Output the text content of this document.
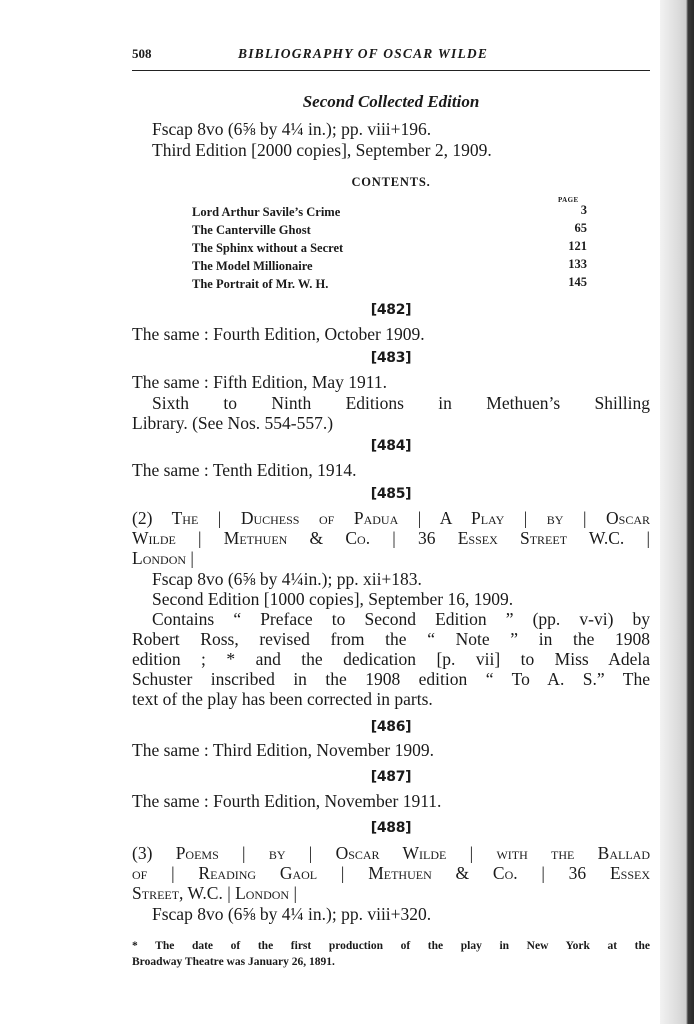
508	BIBLIOGRAPHY OF OSCAR WILDE
Second Collected Edition
Fscap 8vo (6⅝ by 4¼ in.); pp. viii+196.
Third Edition [2000 copies], September 2, 1909.
CONTENTS.
PAGE
Lord Arthur Savile’s Crime	3
The Canterville Ghost	65
The Sphinx without a Secret	121
The Model Millionaire	133
The Portrait of Mr. W. H.	145
[482]
The same : Fourth Edition, October 1909.
[483]
The same : Fifth Edition, May 1911.
Sixth to Ninth Editions in Methuen’s Shilling
Library. (See Nos. 554-557.)
[484]
The same : Tenth Edition, 1914.
[485]
(2) The | Duchess of Padua | A Play | by | Oscar
Wilde | Methuen & Co. | 36 Essex Street W.C. |
London |
Fscap 8vo (6⅝ by 4¼in.); pp. xii+183.
Second Edition [1000 copies], September 16, 1909.
Contains “ Preface to Second Edition ” (pp. v-vi) by
Robert Ross, revised from the “ Note ” in the 1908
edition ; * and the dedication [p. vii] to Miss Adela
Schuster inscribed in the 1908 edition “ To A. S.” The
text of the play has been corrected in parts.
[486]
The same : Third Edition, November 1909.
[487]
The same : Fourth Edition, November 1911.
[488]
(3) Poems | by | Oscar Wilde | with the Ballad
of | Reading Gaol | Methuen & Co. | 36 Essex
Street, W.C. | London |
Fscap 8vo (6⅝ by 4¼ in.); pp. viii+320.
* The date of the first production of the play in New York at the
Broadway Theatre was January 26, 1891.
